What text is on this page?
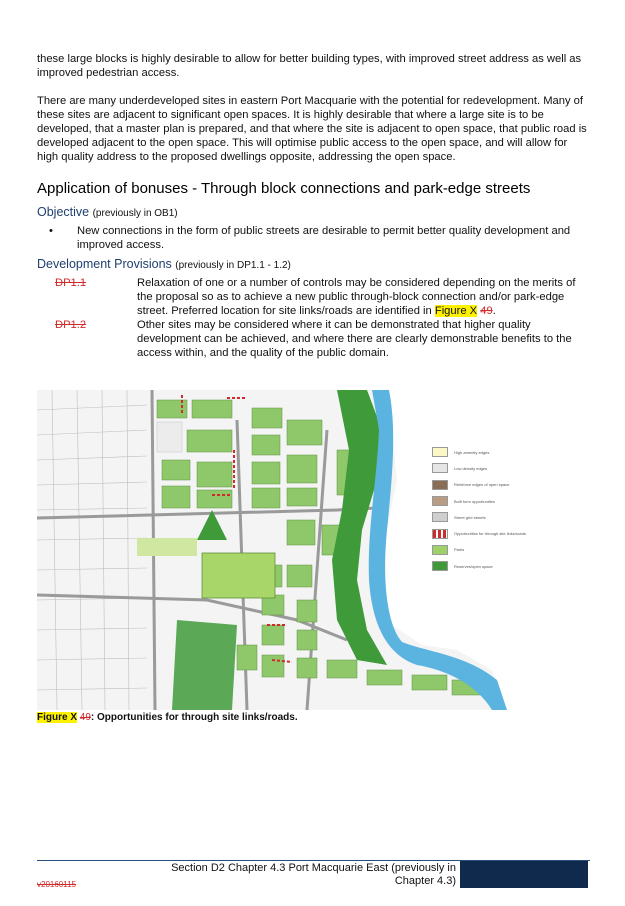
these large blocks is highly desirable to allow for better building types, with improved street address as well as improved pedestrian access.

There are many underdeveloped sites in eastern Port Macquarie with the potential for redevelopment. Many of these sites are adjacent to significant open spaces. It is highly desirable that where a large site is to be developed, that a master plan is prepared, and that where the site is adjacent to open space, that public road is developed adjacent to the open space. This will optimise public access to the open space, and will allow for high quality address to the proposed dwellings opposite, addressing the open space.

Application of bonuses - Through block connections and park-edge streets
Objective (previously in OB1)
•	New connections in the form of public streets are desirable to permit better quality development and improved access.
Development Provisions (previously in DP1.1 - 1.2)
DP1.1	Relaxation of one or a number of controls may be considered depending on the merits of the proposal so as to achieve a new public through-block connection and/or park-edge street. Preferred location for site links/roads are identified in Figure X 49.
DP1.2	Other sites may be considered where it can be demonstrated that higher quality development can be achieved, and where there are clearly demonstrable benefits to the access within, and the quality of the public domain.
High amenity edges
Low density edges
Reinforce edges of open space
Built form opportunities
Street grid streets
Opportunities for through site links/roads
Parks
Reserves/open space
Figure X 49: Opportunities for through site links/roads.
Section D2 Chapter 4.3 Port Macquarie East (previously in Chapter 4.3)
v20160115
